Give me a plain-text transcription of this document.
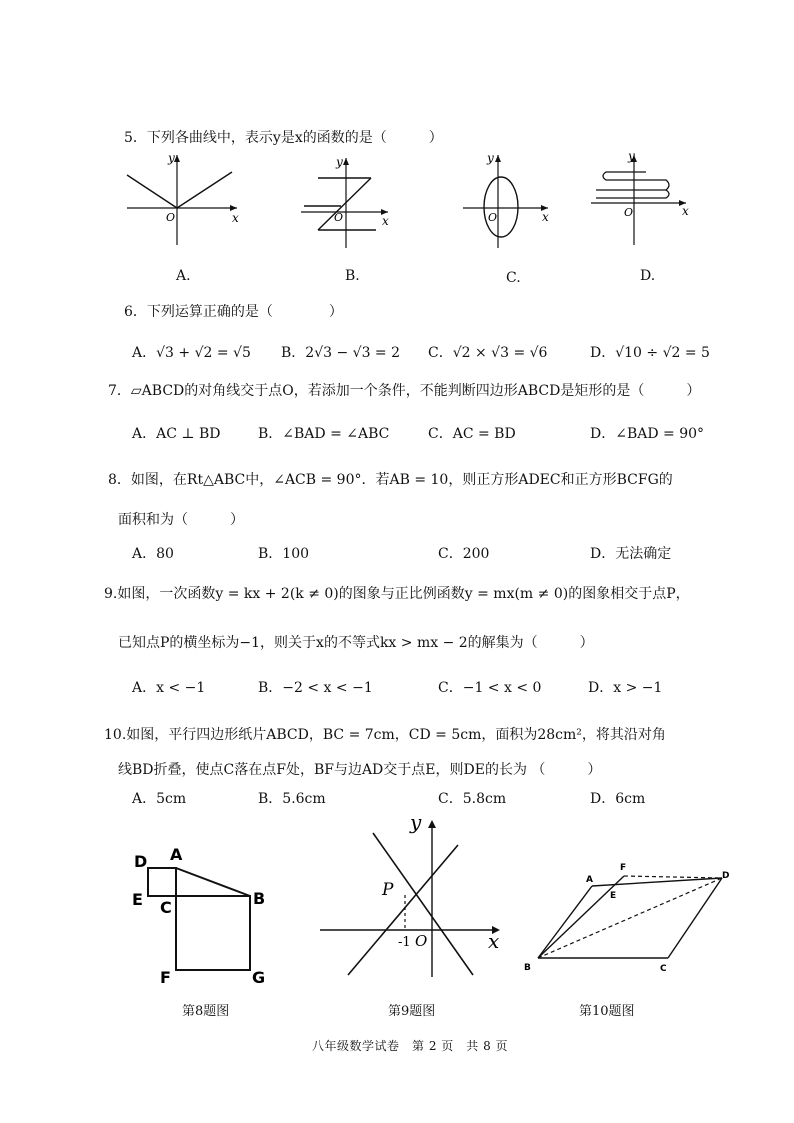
5．下列各曲线中，表示y是x的函数的是（　　　）
y
x
O
A.
y
x
O
B.
y
x
O
C.
y
x
O
D.
6．下列运算正确的是（　　　　）
A．√3 + √2 = √5 B．2√3 − √3 = 2 C．√2 × √3 = √6	D．√10 ÷ √2 = 5
7．▱ABCD的对角线交于点O，若添加一个条件，不能判断四边形ABCD是矩形的是（　　　）
A．AC ⊥ BD	B．∠BAD = ∠ABC	C．AC = BD	D．∠BAD = 90°
8．如图，在Rt△ABC中，∠ACB = 90°．若AB = 10，则正方形ADEC和正方形BCFG的
面积和为（　　　）
A．80	B．100	C．200	D．无法确定
9.如图，一次函数y = kx + 2(k ≠ 0)的图象与正比例函数y = mx(m ≠ 0)的图象相交于点P，
已知点P的横坐标为−1，则关于x的不等式kx > mx − 2的解集为（　　　）
A．x < −1	B．−2 < x < −1	C．−1 < x < 0	D．x > −1
10.如图，平行四边形纸片ABCD，BC = 7cm，CD = 5cm，面积为28cm²，将其沿对角
线BD折叠，使点C落在点F处，BF与边AD交于点E，则DE的长为 （　　　）
A．5cm	B．5.6cm	C．5.8cm	D．6cm
D A
E C	B
F	G
第8题图
y
P
-1 O	x
第9题图
A
F
E
D
B	C
第10题图
八年级数学试卷　第 2 页　共 8 页
